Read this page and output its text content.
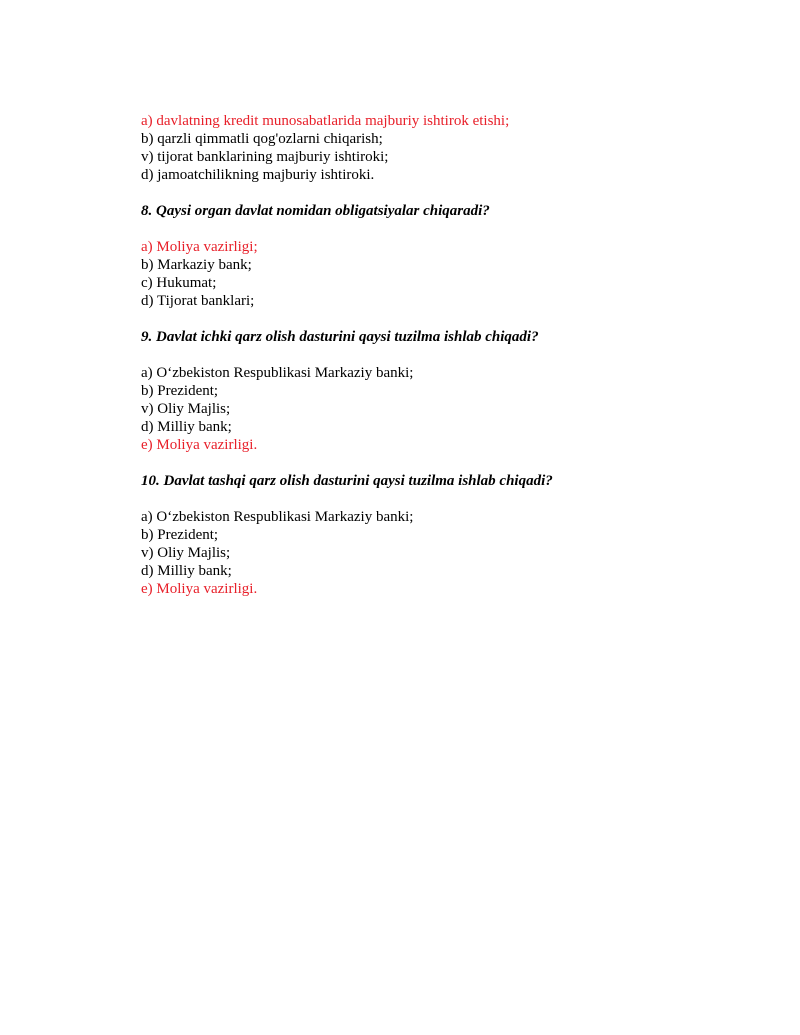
a) davlatning kredit munosabatlarida majburiy ishtirok etishi;
b) qarzli qimmatli qog'ozlarni chiqarish;
v) tijorat banklarining majburiy ishtiroki;
d) jamoatchilikning majburiy ishtiroki.
8. Qaysi organ davlat nomidan obligatsiyalar chiqaradi?
a) Moliya vazirligi;
b) Markaziy bank;
c) Hukumat;
d) Tijorat banklari;
9. Davlat ichki qarz olish dasturini qaysi tuzilma ishlab chiqadi?
a) O‘zbekiston Respublikasi Markaziy banki;
b) Prezident;
v) Oliy Majlis;
d) Milliy bank;
e) Moliya vazirligi.
10. Davlat tashqi qarz olish dasturini qaysi tuzilma ishlab chiqadi?
a) O‘zbekiston Respublikasi Markaziy banki;
b) Prezident;
v) Oliy Majlis;
d) Milliy bank;
e) Moliya vazirligi.
